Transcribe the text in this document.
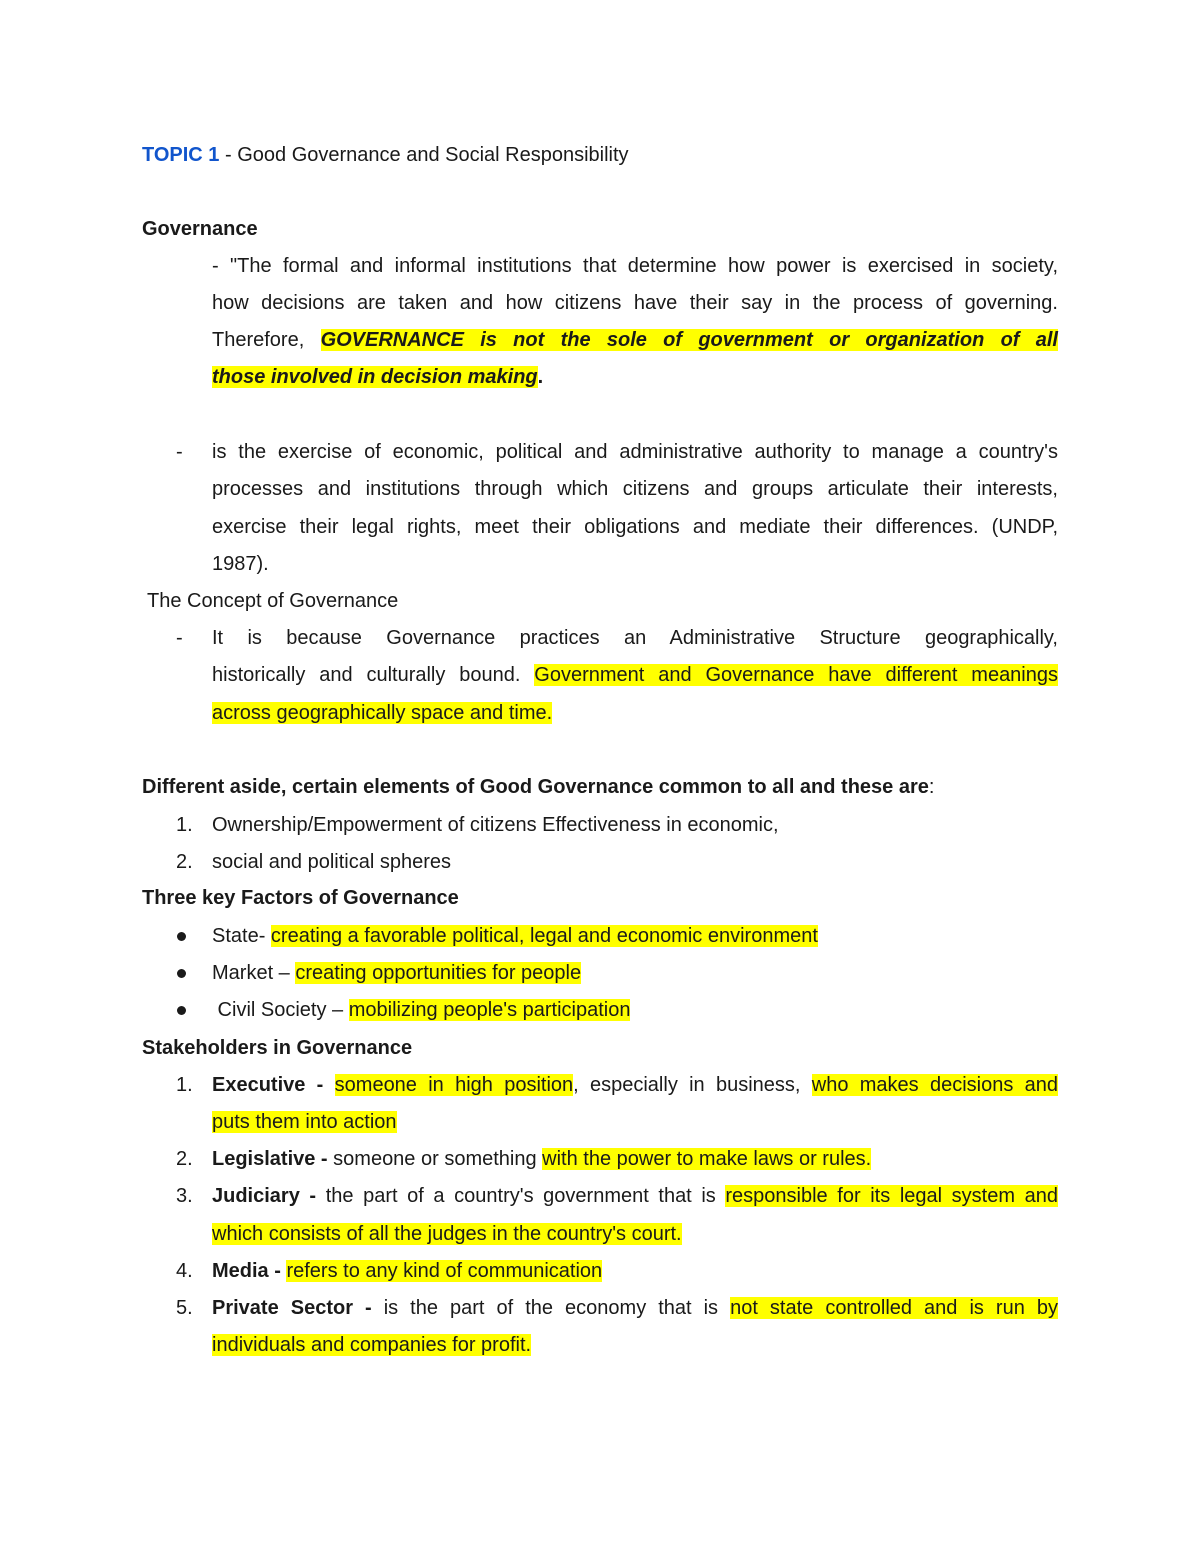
TOPIC 1 - Good Governance and Social Responsibility
Governance
- "The formal and informal institutions that determine how power is exercised in society,
how decisions are taken and how citizens have their say in the process of governing.
Therefore, GOVERNANCE is not the sole of government or organization of all
those involved in decision making.
- is the exercise of economic, political and administrative authority to manage a country's
processes and institutions through which citizens and groups articulate their interests,
exercise their legal rights, meet their obligations and mediate their differences. (UNDP,
1987).
The Concept of Governance
- It is because Governance practices an Administrative Structure geographically,
historically and culturally bound. Government and Governance have different meanings
across geographically space and time.
Different aside, certain elements of Good Governance common to all and these are:
1. Ownership/Empowerment of citizens Effectiveness in economic,
2. social and political spheres
Three key Factors of Governance
State- creating a favorable political, legal and economic environment
Market – creating opportunities for people
Civil Society – mobilizing people's participation
Stakeholders in Governance
1. Executive - someone in high position, especially in business, who makes decisions and
puts them into action
2. Legislative - someone or something with the power to make laws or rules.
3. Judiciary - the part of a country's government that is responsible for its legal system and
which consists of all the judges in the country's court.
4. Media - refers to any kind of communication
5. Private Sector - is the part of the economy that is not state controlled and is run by
individuals and companies for profit.
